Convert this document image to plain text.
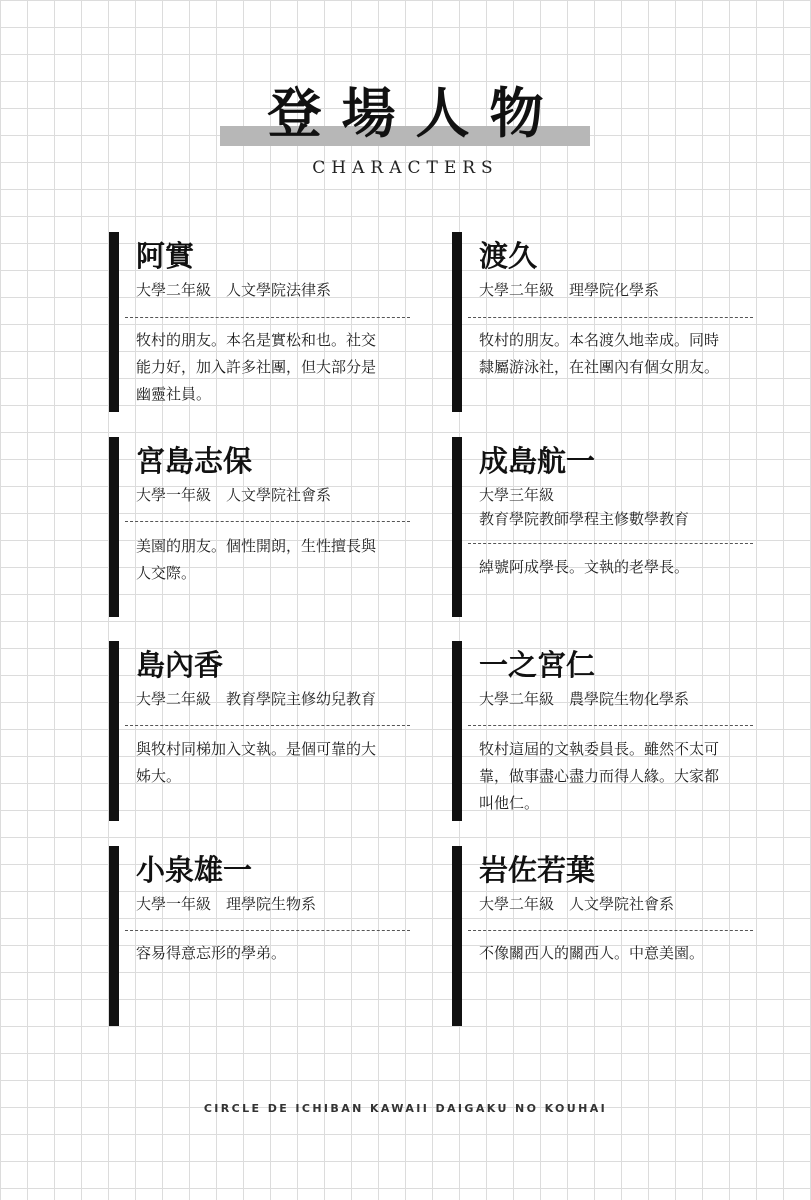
登場人物
CHARACTERS
阿實
大學二年級　人文學院法律系
牧村的朋友。本名是實松和也。社交
能力好，加入許多社團，但大部分是
幽靈社員。
渡久
大學二年級　理學院化學系
牧村的朋友。本名渡久地幸成。同時
隸屬游泳社，在社團內有個女朋友。
宮島志保
大學一年級　人文學院社會系
美園的朋友。個性開朗，生性擅長與
人交際。
成島航一
大學三年級
教育學院教師學程主修數學教育
綽號阿成學長。文執的老學長。
島內香
大學二年級　教育學院主修幼兒教育
與牧村同梯加入文執。是個可靠的大
姊大。
一之宮仁
大學二年級　農學院生物化學系
牧村這屆的文執委員長。雖然不太可
靠，做事盡心盡力而得人緣。大家都
叫他仁。
小泉雄一
大學一年級　理學院生物系
容易得意忘形的學弟。
岩佐若葉
大學二年級　人文學院社會系
不像關西人的關西人。中意美園。
CIRCLE DE ICHIBAN KAWAII DAIGAKU NO KOUHAI
